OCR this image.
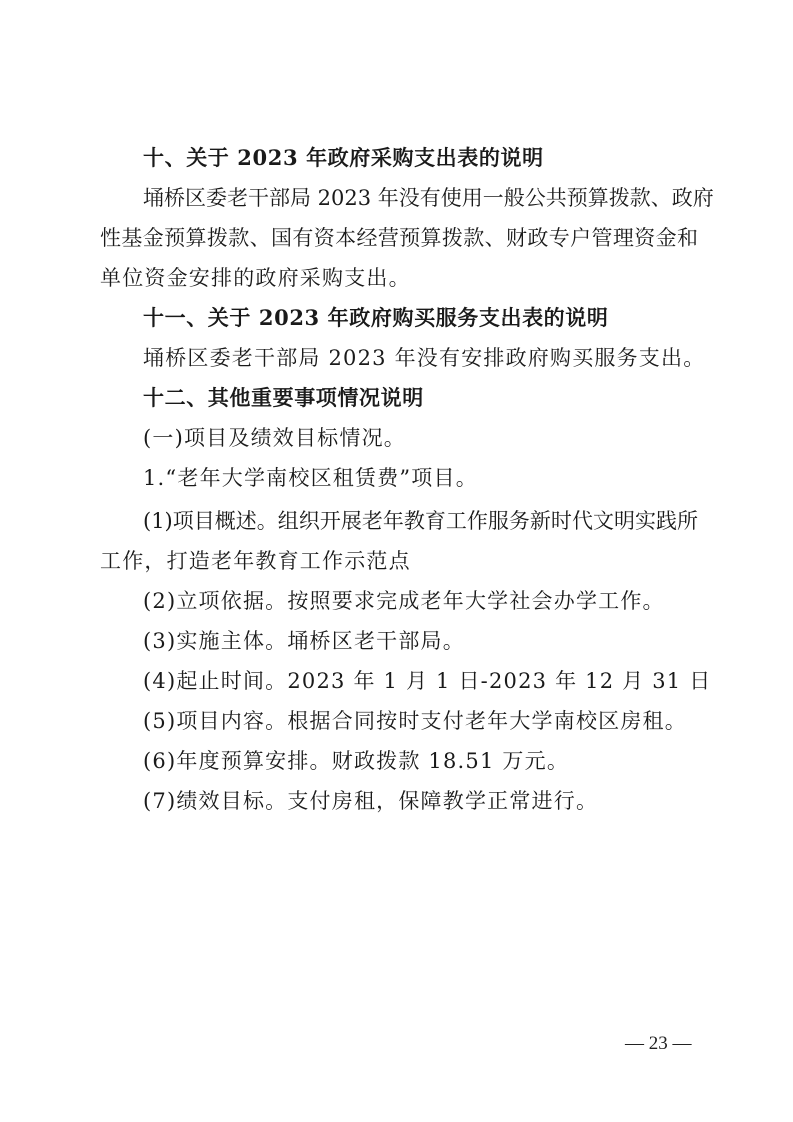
十、关于 2023 年政府采购支出表的说明
埇桥区委老干部局 2023 年没有使用一般公共预算拨款、政府
性基金预算拨款、国有资本经营预算拨款、财政专户管理资金和
单位资金安排的政府采购支出。
十一、关于 2023 年政府购买服务支出表的说明
埇桥区委老干部局 2023 年没有安排政府购买服务支出。
十二、其他重要事项情况说明
(一)项目及绩效目标情况。
1.“老年大学南校区租赁费”项目。
(1)项目概述。组织开展老年教育工作服务新时代文明实践所
工作，打造老年教育工作示范点
(2)立项依据。按照要求完成老年大学社会办学工作。
(3)实施主体。埇桥区老干部局。
(4)起止时间。2023 年 1 月 1 日-2023 年 12 月 31 日
(5)项目内容。根据合同按时支付老年大学南校区房租。
(6)年度预算安排。财政拨款 18.51 万元。
(7)绩效目标。支付房租，保障教学正常进行。
— 23 —
